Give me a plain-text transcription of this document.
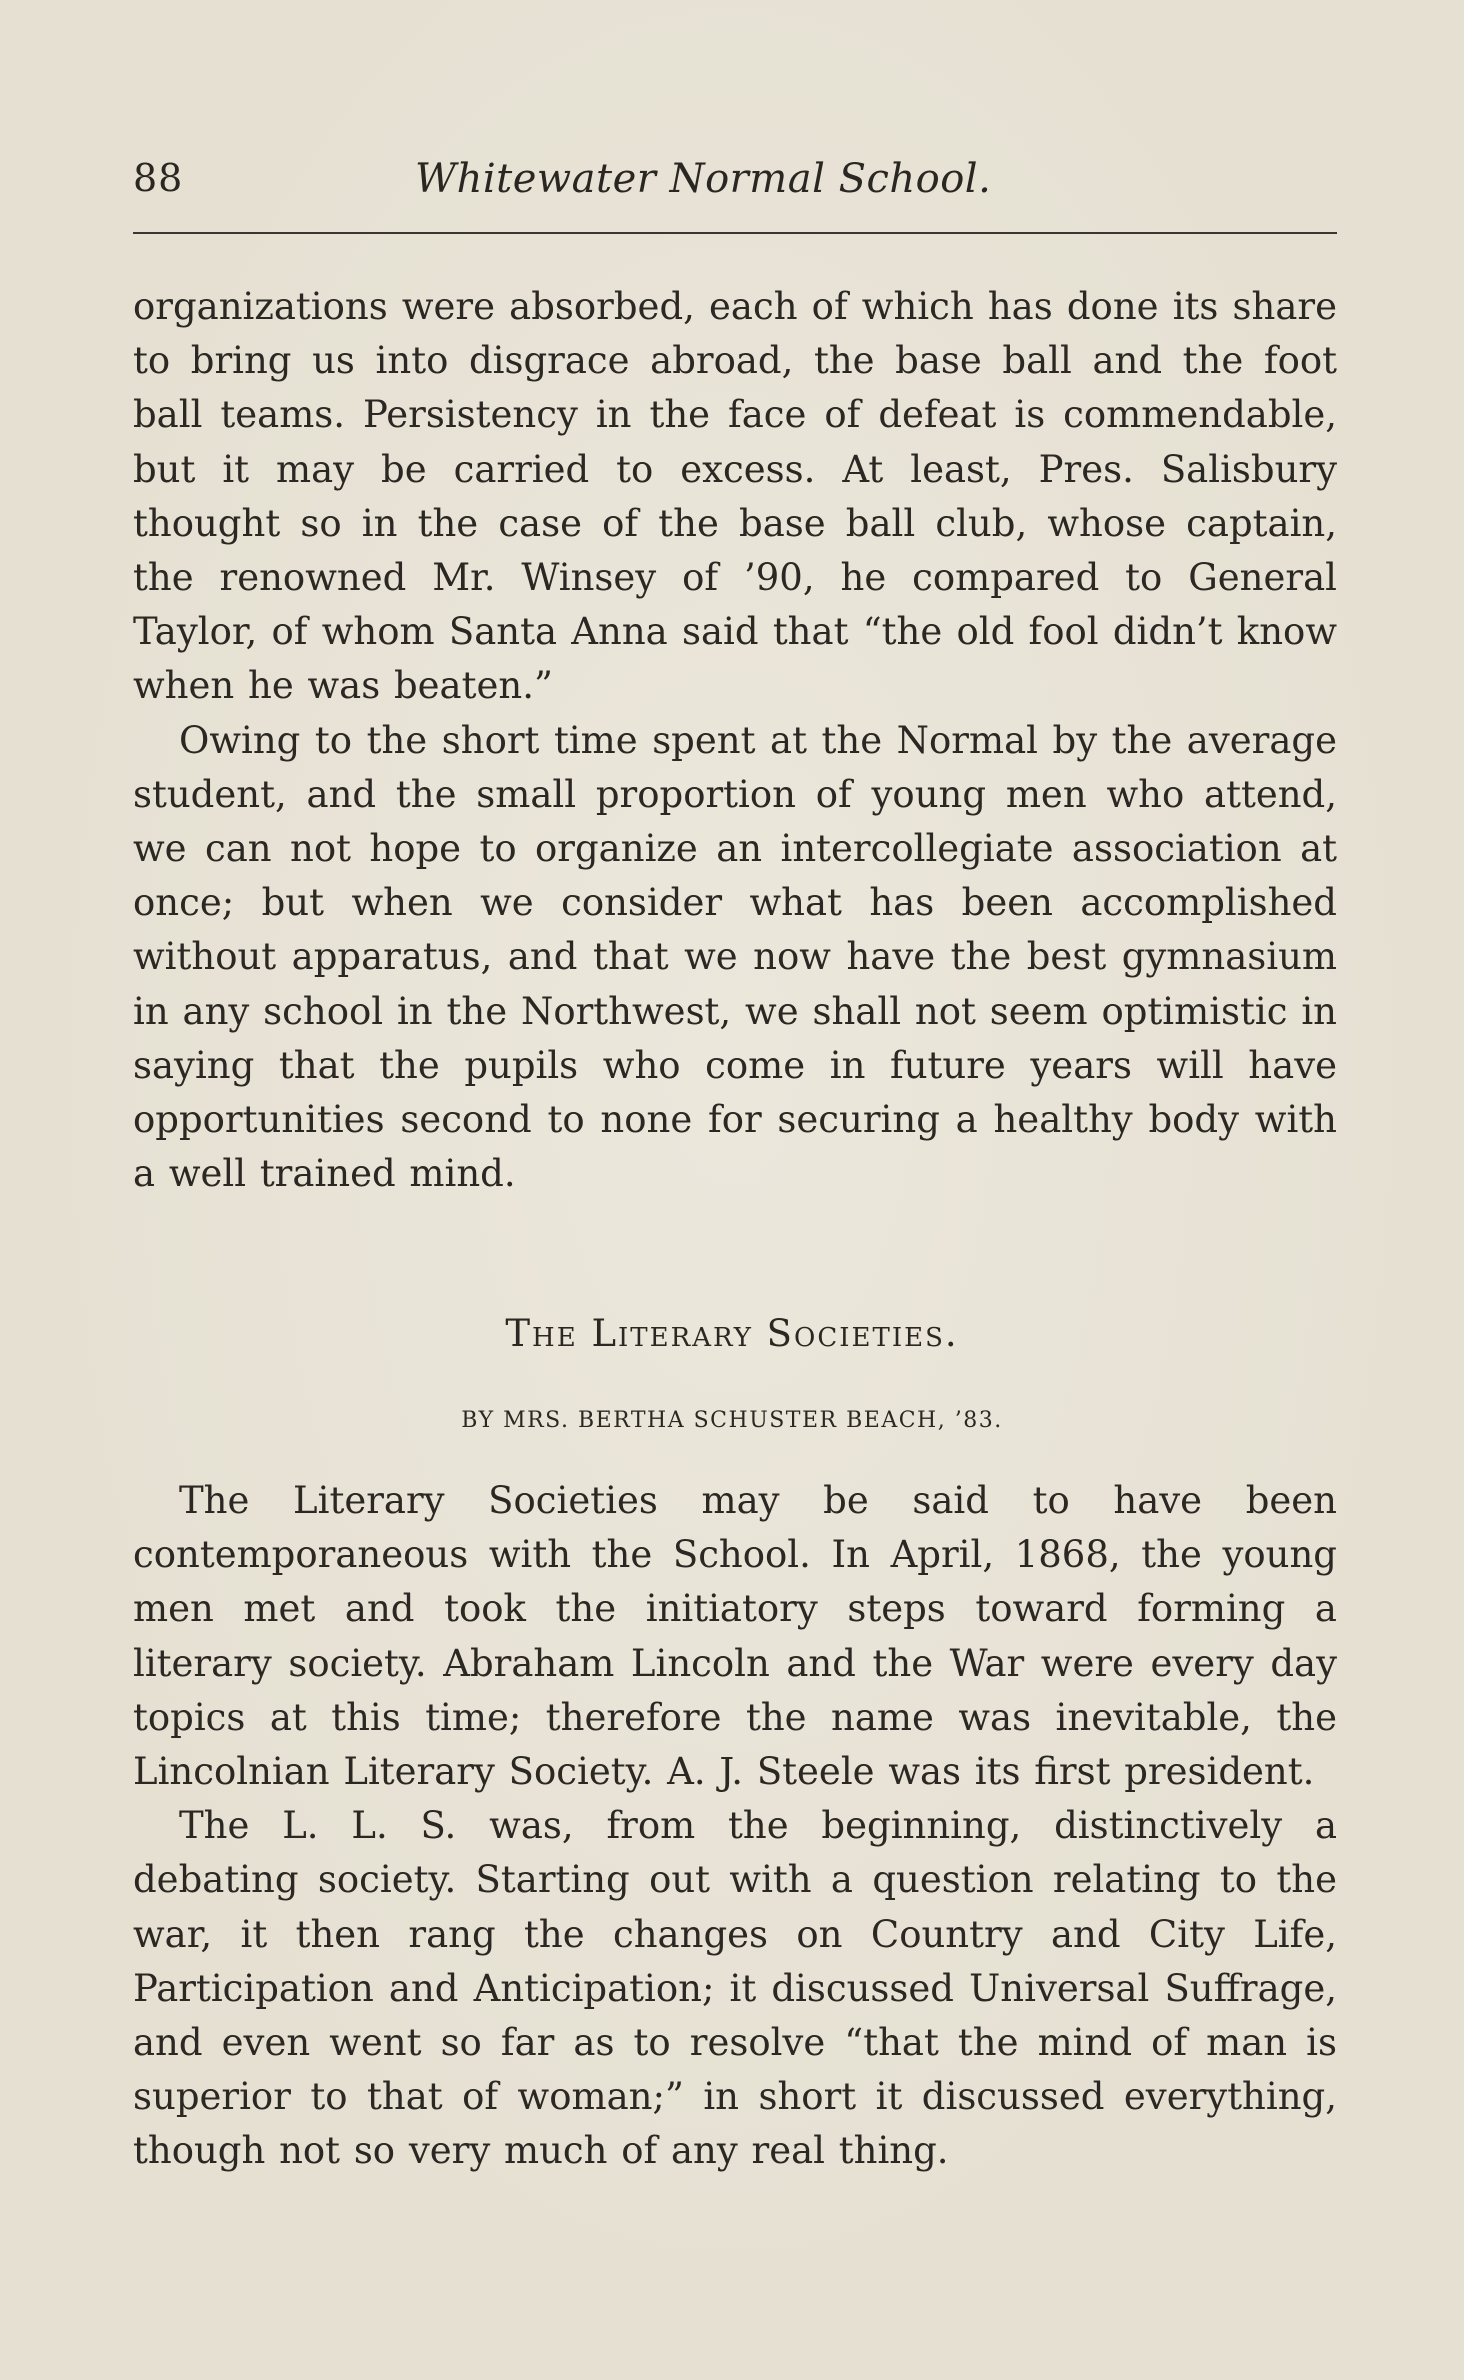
88	Whitewater Normal School.

organizations were absorbed, each of which has done its share to bring us into disgrace abroad, the base ball and the foot ball teams. Persistency in the face of defeat is commendable, but it may be carried to excess. At least, Pres. Salisbury thought so in the case of the base ball club, whose captain, the renowned Mr. Winsey of ’90, he compared to General Taylor, of whom Santa Anna said that “the old fool didn’t know when he was beaten.”

Owing to the short time spent at the Normal by the average student, and the small proportion of young men who attend, we can not hope to organize an intercollegiate association at once; but when we consider what has been accomplished without apparatus, and that we now have the best gymnasium in any school in the Northwest, we shall not seem optimistic in saying that the pupils who come in future years will have opportunities second to none for securing a healthy body with a well trained mind.

The Literary Societies.
BY MRS. BERTHA SCHUSTER BEACH, ’83.

The Literary Societies may be said to have been contemporaneous with the School. In April, 1868, the young men met and took the initiatory steps toward forming a literary society. Abraham Lincoln and the War were every day topics at this time; therefore the name was inevitable, the Lincolnian Literary Society. A. J. Steele was its first president.

The L. L. S. was, from the beginning, distinctively a debating society. Starting out with a question relating to the war, it then rang the changes on Country and City Life, Participation and Anticipation; it discussed Universal Suffrage, and even went so far as to resolve “that the mind of man is superior to that of woman;” in short it discussed everything, though not so very much of any real thing.
